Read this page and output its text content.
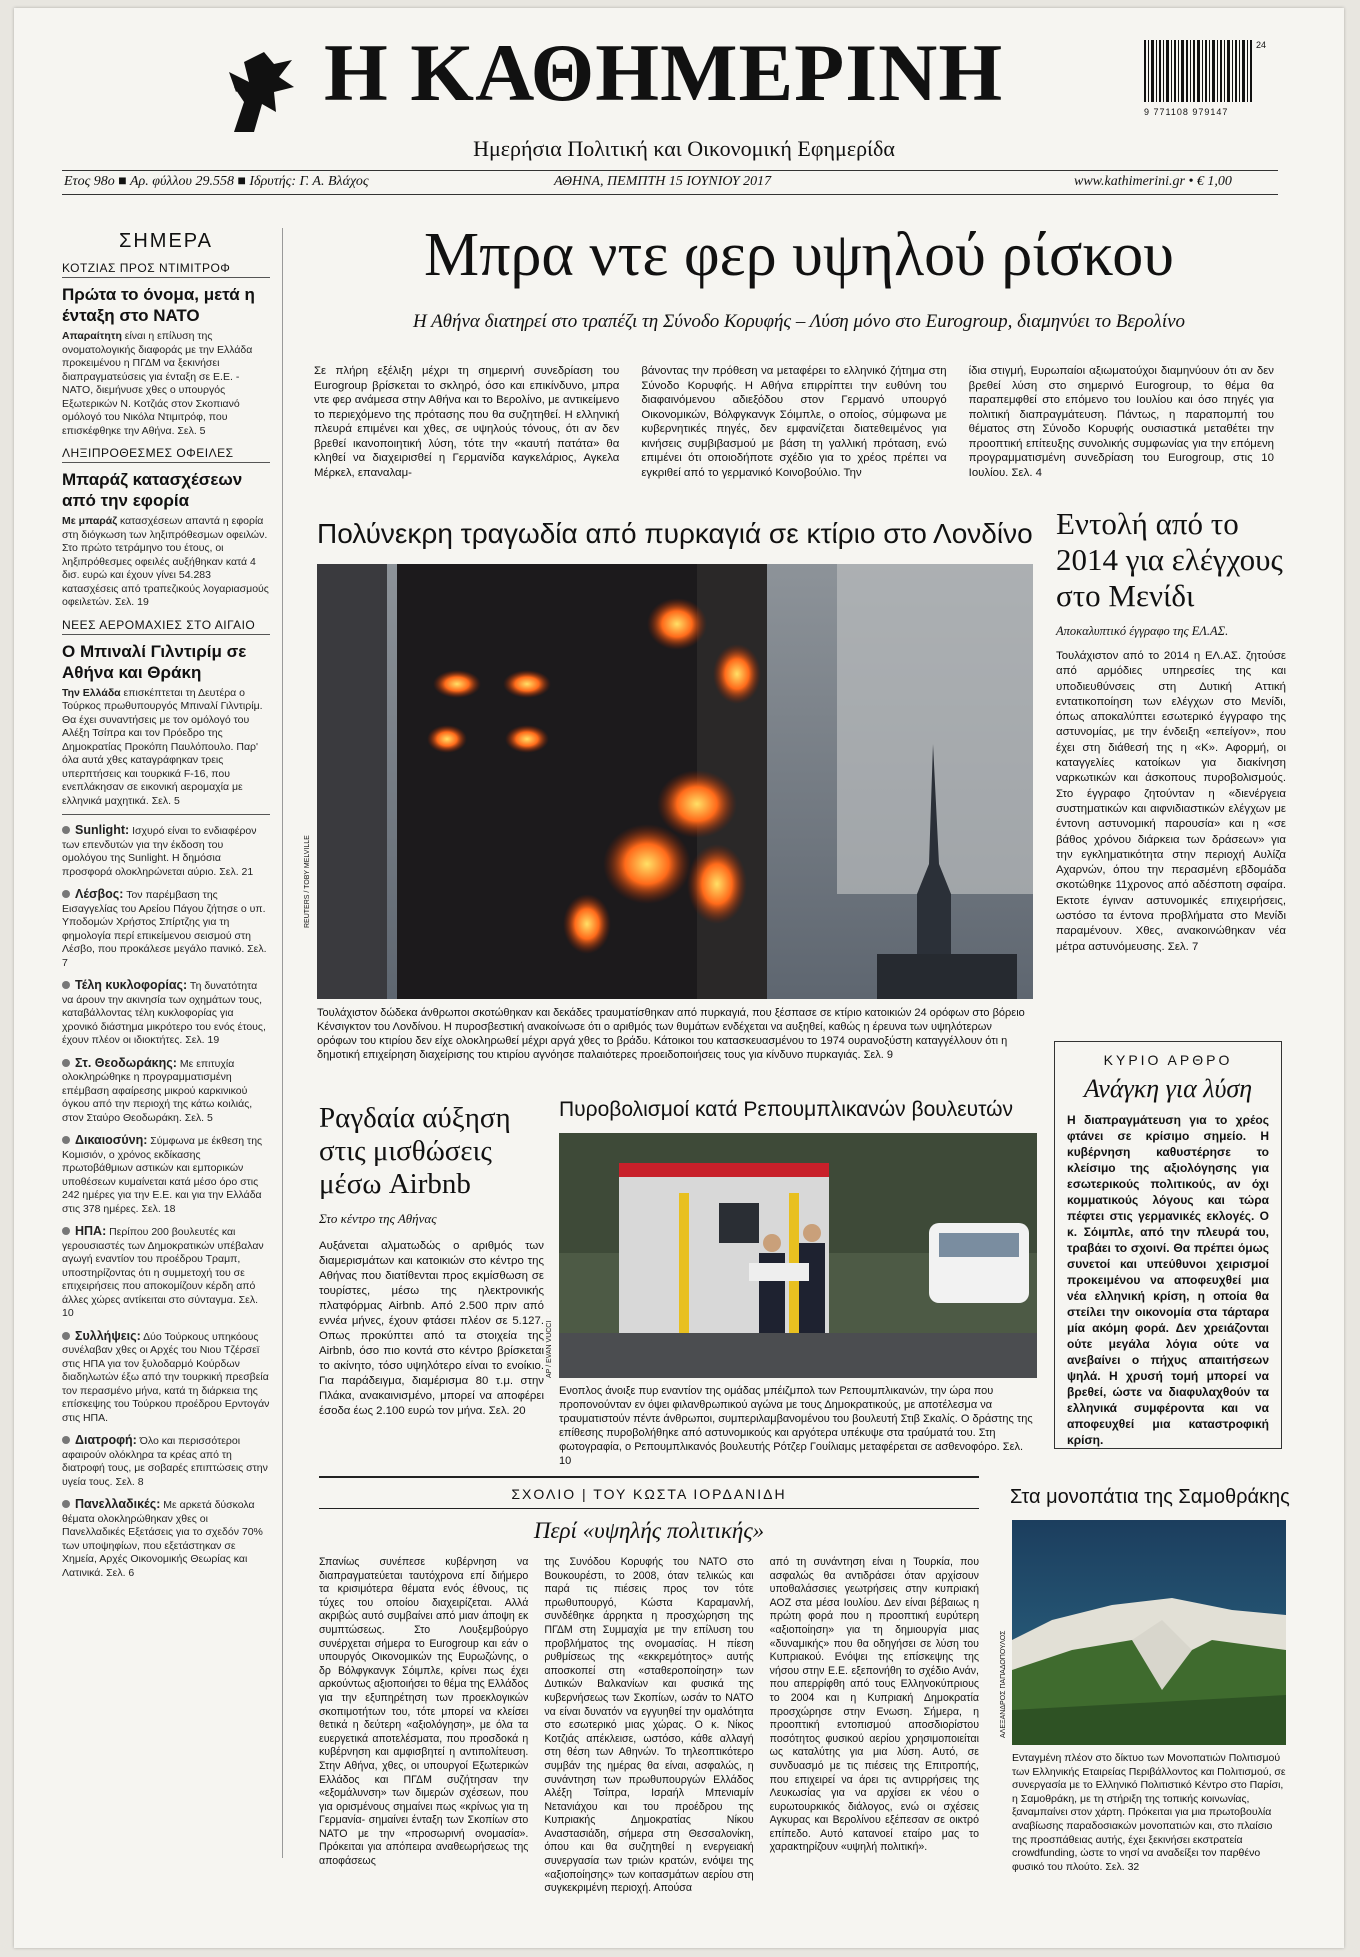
Η ΚΑΘΗΜΕΡΙΝΗ
Ημερήσια Πολιτική και Οικονομική Εφημερίδα
9 771108 979147
24
Ετος 98ο ■ Αρ. φύλλου 29.558 ■ Ιδρυτής: Γ. Α. Βλάχος	ΑΘΗΝΑ, ΠΕΜΠΤΗ 15 ΙΟΥΝΙΟΥ 2017	www.kathimerini.gr • € 1,00
ΣΗΜΕΡΑ
ΚΟΤΖΙΑΣ ΠΡΟΣ ΝΤΙΜΙΤΡΟΦ
Πρώτα το όνομα, μετά η ένταξη στο ΝΑΤΟ
Απαραίτητη είναι η επίλυση της ονοματολογικής διαφοράς με την Ελλάδα προκειμένου η ΠΓΔΜ να ξεκινήσει διαπραγματεύσεις για ένταξη σε Ε.Ε. - ΝΑΤΟ, διεμήνυσε χθες ο υπουργός Εξωτερικών Ν. Κοτζιάς στον Σκοπιανό ομόλογό του Νικόλα Ντιμιτρόφ, που επισκέφθηκε την Αθήνα. Σελ. 5
ΛΗΞΙΠΡΟΘΕΣΜΕΣ ΟΦΕΙΛΕΣ
Μπαράζ κατασχέσεων από την εφορία
Με μπαράζ κατασχέσεων απαντά η εφορία στη διόγκωση των ληξιπρόθεσμων οφειλών. Στο πρώτο τετράμηνο του έτους, οι ληξιπρόθεσμες οφειλές αυξήθηκαν κατά 4 δισ. ευρώ και έχουν γίνει 54.283 κατασχέσεις από τραπεζικούς λογαριασμούς οφειλετών. Σελ. 19
ΝΕΕΣ ΑΕΡΟΜΑΧΙΕΣ ΣΤΟ ΑΙΓΑΙΟ
Ο Μπιναλί Γιλντιρίμ σε Αθήνα και Θράκη
Την Ελλάδα επισκέπτεται τη Δευτέρα ο Τούρκος πρωθυπουργός Μπιναλί Γιλντιρίμ. Θα έχει συναντήσεις με τον ομόλογό του Αλέξη Τσίπρα και τον Πρόεδρο της Δημοκρατίας Προκόπη Παυλόπουλο. Παρ' όλα αυτά χθες καταγράφηκαν τρεις υπερπτήσεις και τουρκικά F-16, που ενεπλάκησαν σε εικονική αερομαχία με ελληνικά μαχητικά. Σελ. 5
Sunlight: Ισχυρό είναι το ενδιαφέρον των επενδυτών για την έκδοση του ομολόγου της Sunlight. Η δημόσια προσφορά ολοκληρώνεται αύριο. Σελ. 21
Λέσβος: Τον παρέμβαση της Εισαγγελίας του Αρείου Πάγου ζήτησε ο υπ. Υποδομών Χρήστος Σπίρτζης για τη φημολογία περί επικείμενου σεισμού στη Λέσβο, που προκάλεσε μεγάλο πανικό. Σελ. 7
Τέλη κυκλοφορίας: Τη δυνατότητα να άρουν την ακινησία των οχημάτων τους, καταβάλλοντας τέλη κυκλοφορίας για χρονικό διάστημα μικρότερο του ενός έτους, έχουν πλέον οι ιδιοκτήτες. Σελ. 19
Στ. Θεοδωράκης: Με επιτυχία ολοκληρώθηκε η προγραμματισμένη επέμβαση αφαίρεσης μικρού καρκινικού όγκου από την περιοχή της κάτω κοιλιάς, στον Σταύρο Θεοδωράκη. Σελ. 5
Δικαιοσύνη: Σύμφωνα με έκθεση της Κομισιόν, ο χρόνος εκδίκασης πρωτοβάθμιων αστικών και εμπορικών υποθέσεων κυμαίνεται κατά μέσο όρο στις 242 ημέρες για την Ε.Ε. και για την Ελλάδα στις 378 ημέρες. Σελ. 18
ΗΠΑ: Περίπου 200 βουλευτές και γερουσιαστές των Δημοκρατικών υπέβαλαν αγωγή εναντίον του προέδρου Τραμπ, υποστηρίζοντας ότι η συμμετοχή του σε επιχειρήσεις που αποκομίζουν κέρδη από άλλες χώρες αντίκειται στο σύνταγμα. Σελ. 10
Συλλήψεις: Δύο Τούρκους υπηκόους συνέλαβαν χθες οι Αρχές του Νιου Τζέρσεϊ στις ΗΠΑ για τον ξυλοδαρμό Κούρδων διαδηλωτών έξω από την τουρκική πρεσβεία τον περασμένο μήνα, κατά τη διάρκεια της επίσκεψης του Τούρκου προέδρου Ερντογάν στις ΗΠΑ.
Διατροφή: Όλο και περισσότεροι αφαιρούν ολόκληρα τα κρέας από τη διατροφή τους, με σοβαρές επιπτώσεις στην υγεία τους. Σελ. 8
Πανελλαδικές: Με αρκετά δύσκολα θέματα ολοκληρώθηκαν χθες οι Πανελλαδικές Εξετάσεις για το σχεδόν 70% των υποψηφίων, που εξετάστηκαν σε Χημεία, Αρχές Οικονομικής Θεωρίας και Λατινικά. Σελ. 6
Μπρα ντε φερ υψηλού ρίσκου
Η Αθήνα διατηρεί στο τραπέζι τη Σύνοδο Κορυφής – Λύση μόνο στο Eurogroup, διαμηνύει το Βερολίνο
Σε πλήρη εξέλιξη μέχρι τη σημερινή συνεδρίαση του Eurogroup βρίσκεται το σκληρό, όσο και επικίνδυνο, μπρα ντε φερ ανάμεσα στην Αθήνα και το Βερολίνο, με αντικείμενο το περιεχόμενο της πρότασης που θα συζητηθεί. Η ελληνική πλευρά επιμένει και χθες, σε υψηλούς τόνους, ότι αν δεν βρεθεί ικανοποιητική λύση, τότε την «καυτή πατάτα» θα κληθεί να διαχειρισθεί η Γερμανίδα καγκελάριος, Αγκελα Μέρκελ, επαναλαμ-
βάνοντας την πρόθεση να μεταφέρει το ελληνικό ζήτημα στη Σύνοδο Κορυφής. Η Αθήνα επιρρίπτει την ευθύνη του διαφαινόμενου αδιεξόδου στον Γερμανό υπουργό Οικονομικών, Βόλφγκανγκ Σόιμπλε, ο οποίος, σύμφωνα με κυβερνητικές πηγές, δεν εμφανίζεται διατεθειμένος για κινήσεις συμβιβασμού με βάση τη γαλλική πρόταση, ενώ επιμένει ότι οποιοδήποτε σχέδιο για το χρέος πρέπει να εγκριθεί από το γερμανικό Κοινοβούλιο. Την
ίδια στιγμή, Ευρωπαίοι αξιωματούχοι διαμηνύουν ότι αν δεν βρεθεί λύση στο σημερινό Eurogroup, το θέμα θα παραπεμφθεί στο επόμενο του Ιουλίου και όσο πηγές για πολιτική διαπραγμάτευση. Πάντως, η παραπομπή του θέματος στη Σύνοδο Κορυφής ουσιαστικά μεταθέτει την προοπτική επίτευξης συνολικής συμφωνίας για την επόμενη προγραμματισμένη συνεδρίαση του Eurogroup, στις 10 Ιουλίου. Σελ. 4
Πολύνεκρη τραγωδία από πυρκαγιά σε κτίριο στο Λονδίνο
Τουλάχιστον δώδεκα άνθρωποι σκοτώθηκαν και δεκάδες τραυματίσθηκαν από πυρκαγιά, που ξέσπασε σε κτίριο κατοικιών 24 ορόφων στο βόρειο Κένσιγκτον του Λονδίνου. Η πυροσβεστική ανακοίνωσε ότι ο αριθμός των θυμάτων ενδέχεται να αυξηθεί, καθώς η έρευνα των υψηλότερων ορόφων του κτιρίου δεν είχε ολοκληρωθεί μέχρι αργά χθες το βράδυ. Κάτοικοι του κατασκευασμένου το 1974 ουρανοξύστη καταγγέλλουν ότι η δημοτική επιχείρηση διαχείρισης του κτιρίου αγνόησε παλαιότερες προειδοποιήσεις τους για κίνδυνο πυρκαγιάς. Σελ. 9
REUTERS / TOBY MELVILLE
Εντολή από το 2014 για ελέγχους στο Μενίδι
Αποκαλυπτικό έγγραφο της ΕΛ.ΑΣ.
Τουλάχιστον από το 2014 η ΕΛ.ΑΣ. ζητούσε από αρμόδιες υπηρεσίες της και υποδιευθύνσεις στη Δυτική Αττική εντατικοποίηση των ελέγχων στο Μενίδι, όπως αποκαλύπτει εσωτερικό έγγραφο της αστυνομίας, με την ένδειξη «επείγον», που έχει στη διάθεσή της η «Κ». Αφορμή, οι καταγγελίες κατοίκων για διακίνηση ναρκωτικών και άσκοπους πυροβολισμούς. Στο έγγραφο ζητούνταν η «διενέργεια συστηματικών και αιφνιδιαστικών ελέγχων με έντονη αστυνομική παρουσία» και η «σε βάθος χρόνου διάρκεια των δράσεων» για την εγκληματικότητα στην περιοχή Αυλίζα Αχαρνών, όπου την περασμένη εβδομάδα σκοτώθηκε 11χρονος από αδέσποτη σφαίρα. Εκτοτε έγιναν αστυνομικές επιχειρήσεις, ωστόσο τα έντονα προβλήματα στο Μενίδι παραμένουν. Χθες, ανακοινώθηκαν νέα μέτρα αστυνόμευσης. Σελ. 7
ΚΥΡΙΟ ΑΡΘΡΟ
Ανάγκη για λύση
Η διαπραγμάτευση για το χρέος φτάνει σε κρίσιμο σημείο. Η κυβέρνηση καθυστέρησε το κλείσιμο της αξιολόγησης για εσωτερικούς πολιτικούς, αν όχι κομματικούς λόγους και τώρα πέφτει στις γερμανικές εκλογές. Ο κ. Σόιμπλε, από την πλευρά του, τραβάει το σχοινί. Θα πρέπει όμως συνετοί και υπεύθυνοι χειρισμοί προκειμένου να αποφευχθεί μια νέα ελληνική κρίση, η οποία θα στείλει την οικονομία στα τάρταρα μία ακόμη φορά. Δεν χρειάζονται ούτε μεγάλα λόγια ούτε να ανεβαίνει ο πήχυς απαιτήσεων ψηλά. Η χρυσή τομή μπορεί να βρεθεί, ώστε να διαφυλαχθούν τα ελληνικά συμφέροντα και να αποφευχθεί μια καταστροφική κρίση.
Ραγδαία αύξηση στις μισθώσεις μέσω Airbnb
Στο κέντρο της Αθήνας
Αυξάνεται αλματωδώς ο αριθμός των διαμερισμάτων και κατοικιών στο κέντρο της Αθήνας που διατίθενται προς εκμίσθωση σε τουρίστες, μέσω της ηλεκτρονικής πλατφόρμας Airbnb. Από 2.500 πριν από εννέα μήνες, έχουν φτάσει πλέον σε 5.127. Οπως προκύπτει από τα στοιχεία της Airbnb, όσο πιο κοντά στο κέντρο βρίσκεται το ακίνητο, τόσο υψηλότερο είναι το ενοίκιο. Για παράδειγμα, διαμέρισμα 80 τ.μ. στην Πλάκα, ανακαινισμένο, μπορεί να αποφέρει έσοδα έως 2.100 ευρώ τον μήνα. Σελ. 20
Πυροβολισμοί κατά Ρεπουμπλικανών βουλευτών
Ενοπλος άνοιξε πυρ εναντίον της ομάδας μπέιζμπολ των Ρεπουμπλικανών, την ώρα που προπονούνταν εν όψει φιλανθρωπικού αγώνα με τους Δημοκρατικούς, με αποτέλεσμα να τραυματιστούν πέντε άνθρωποι, συμπεριλαμβανομένου του βουλευτή Στιβ Σκαλίς. Ο δράστης της επίθεσης πυροβολήθηκε από αστυνομικούς και αργότερα υπέκυψε στα τραύματά του. Στη φωτογραφία, ο Ρεπουμπλικανός βουλευτής Ρότζερ Γουίλιαμς μεταφέρεται σε ασθενοφόρο. Σελ. 10
AP / EVAN VUCCI
ΣΧΟΛΙΟ | ΤΟΥ ΚΩΣΤΑ ΙΟΡΔΑΝΙΔΗ
Περί «υψηλής πολιτικής»
Σπανίως συνέπεσε κυβέρνηση να διαπραγματεύεται ταυτόχρονα επί διήμερο τα κρισιμότερα θέματα ενός έθνους, τις τύχες του οποίου διαχειρίζεται. Αλλά ακριβώς αυτό συμβαίνει από μιαν άποψη εκ συμπτώσεως. Στο Λουξεμβούργο συνέρχεται σήμερα το Eurogroup και εάν ο υπουργός Οικονομικών της Ευρωζώνης, ο δρ Βόλφγκανγκ Σόιμπλε, κρίνει πως έχει αρκούντως αξιοποιήσει το θέμα της Ελλάδος για την εξυπηρέτηση των προεκλογικών σκοπιμοτήτων του, τότε μπορεί να κλείσει θετικά η δεύτερη «αξιολόγηση», με όλα τα ευεργετικά αποτελέσματα, που προσδοκά η κυβέρνηση και αμφισβητεί η αντιπολίτευση. Στην Αθήνα, χθες, οι υπουργοί Εξωτερικών Ελλάδος και ΠΓΔΜ συζήτησαν την «εξομάλυνση» των διμερών σχέσεων, που για ορισμένους σημαίνει πως «κρίνως για τη Γερμανία- σημαίνει ένταξη των Σκοπίων στο ΝΑΤΟ με την «προσωρινή ονομασία». Πρόκειται για απόπειρα αναθεωρήσεως της αποφάσεως
της Συνόδου Κορυφής του ΝΑΤΟ στο Βουκουρέστι, το 2008, όταν τελικώς και παρά τις πιέσεις προς τον τότε πρωθυπουργό, Κώστα Καραμανλή, συνδέθηκε άρρηκτα η προσχώρηση της ΠΓΔΜ στη Συμμαχία με την επίλυση του προβλήματος της ονομασίας. Η πίεση ρυθμίσεως της «εκκρεμότητος» αυτής αποσκοπεί στη «σταθεροποίηση» των Δυτικών Βαλκανίων και φυσικά της κυβερνήσεως των Σκοπίων, ωσάν το ΝΑΤΟ να είναι δυνατόν να εγγυηθεί την ομαλότητα στο εσωτερικό μιας χώρας. Ο κ. Νίκος Κοτζιάς απέκλεισε, ωστόσο, κάθε αλλαγή στη θέση των Αθηνών. Το τηλεοπτικότερο συμβάν της ημέρας θα είναι, ασφαλώς, η συνάντηση των πρωθυπουργών Ελλάδος Αλέξη Τσίπρα, Ισραήλ Μπενιαμίν Νετανιάχου και του προέδρου της Κυπριακής Δημοκρατίας Νίκου Αναστασιάδη, σήμερα στη Θεσσαλονίκη, όπου και θα συζητηθεί η ενεργειακή συνεργασία των τριών κρατών, ενόψει της «αξιοποίησης» των κοιτασμάτων αερίου στη συγκεκριμένη περιοχή. Απούσα
από τη συνάντηση είναι η Τουρκία, που ασφαλώς θα αντιδράσει όταν αρχίσουν υποθαλάσσιες γεωτρήσεις στην κυπριακή ΑΟΖ στα μέσα Ιουλίου. Δεν είναι βέβαιως η πρώτη φορά που η προοπτική ευρύτερη «αξιοποίηση» για τη δημιουργία μιας «δυναμικής» που θα οδηγήσει σε λύση του Κυπριακού. Ενόψει της επίσκεψης της νήσου στην Ε.Ε. εξεπονήθη το σχέδιο Ανάν, που απερρίφθη από τους Ελληνοκύπριους το 2004 και η Κυπριακή Δημοκρατία προσχώρησε στην Ενωση. Σήμερα, η προοπτική εντοπισμού αποσδιορίστου ποσότητος φυσικού αερίου χρησιμοποιείται ως καταλύτης για μια λύση. Αυτό, σε συνδυασμό με τις πιέσεις της Επιτροπής, που επιχειρεί να άρει τις αντιρρήσεις της Λευκωσίας για να αρχίσει εκ νέου ο ευρωτουρκικός διάλογος, ενώ οι σχέσεις Αγκυρας και Βερολίνου εξέπεσαν σε οικτρό επίπεδο. Αυτό κατανοεί εταίρο μας το χαρακτηρίζουν «υψηλή πολιτική».
Στα μονοπάτια της Σαμοθράκης
ΑΛΕΞΑΝΔΡΟΣ ΠΑΠΑΔΟΠΟΥΛΟΣ
Ενταγμένη πλέον στο δίκτυο των Μονοπατιών Πολιτισμού των Ελληνικής Εταιρείας Περιβάλλοντος και Πολιτισμού, σε συνεργασία με το Ελληνικό Πολιτιστικό Κέντρο στο Παρίσι, η Σαμοθράκη, με τη στήριξη της τοπικής κοινωνίας, ξαναμπαίνει στον χάρτη. Πρόκειται για μια πρωτοβουλία αναβίωσης παραδοσιακών μονοπατιών και, στο πλαίσιο της προσπάθειας αυτής, έχει ξεκινήσει εκστρατεία crowdfunding, ώστε το νησί να αναδείξει τον παρθένο φυσικό του πλούτο. Σελ. 32
